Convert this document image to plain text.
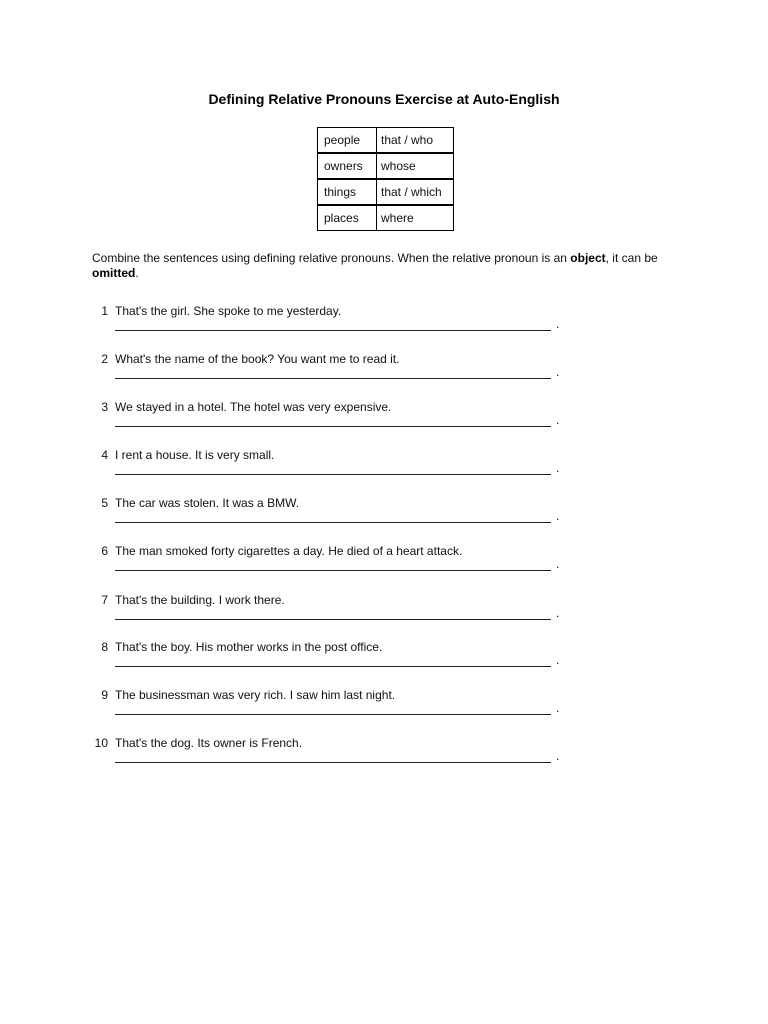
Defining Relative Pronouns Exercise at Auto-English
people	that / who
owners	whose
things	that / which
places	where
Combine the sentences using defining relative pronouns. When the relative pronoun is an object, it can be omitted.
1 That's the girl. She spoke to me yesterday.
.
2 What's the name of the book? You want me to read it.
.
3 We stayed in a hotel. The hotel was very expensive.
.
4 I rent a house. It is very small.
.
5 The car was stolen. It was a BMW.
.
6 The man smoked forty cigarettes a day. He died of a heart attack.
.
7 That's the building. I work there.
.
8 That's the boy. His mother works in the post office.
.
9 The businessman was very rich. I saw him last night.
.
10 That's the dog. Its owner is French.
.
